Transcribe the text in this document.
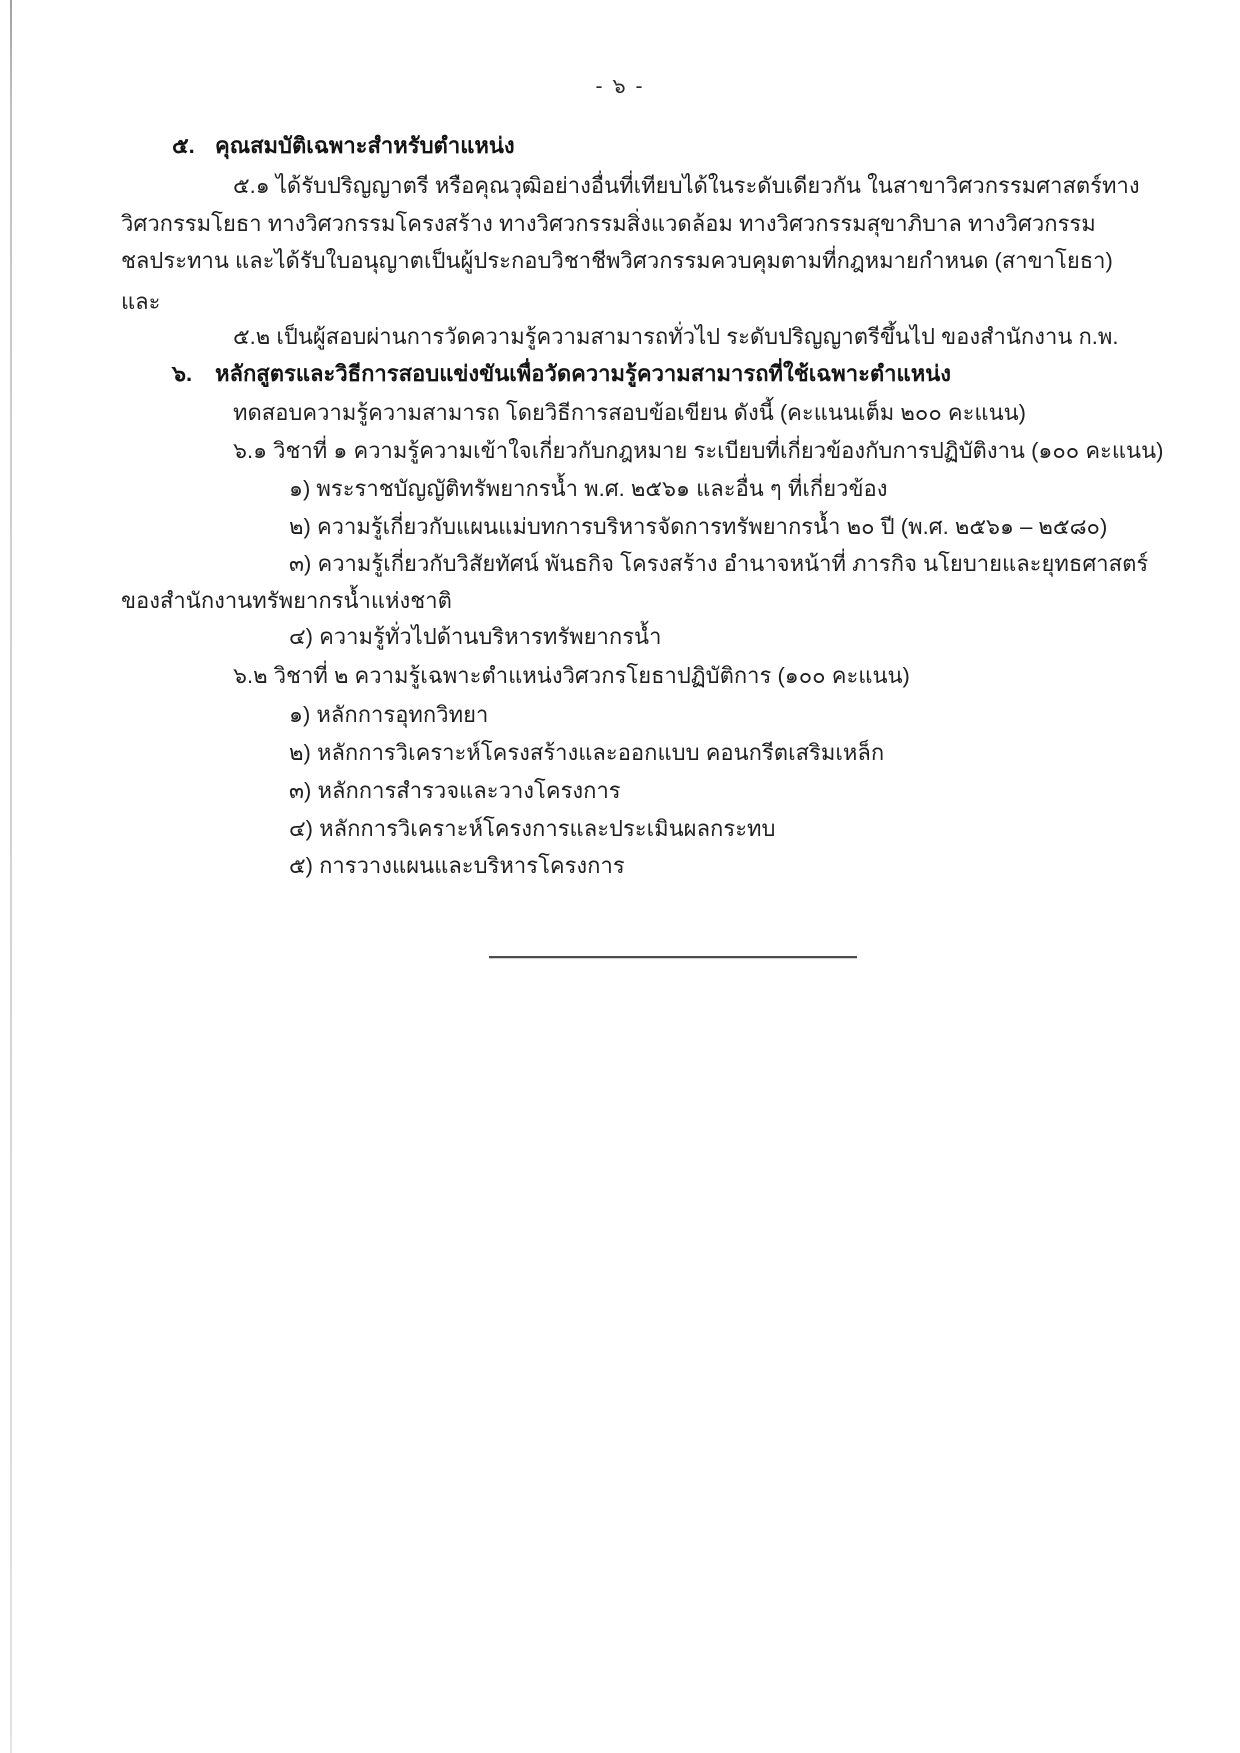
- ๖ -
๕. คุณสมบัติเฉพาะสำหรับตำแหน่ง
๕.๑ ได้รับปริญญาตรี หรือคุณวุฒิอย่างอื่นที่เทียบได้ในระดับเดียวกัน ในสาขาวิศวกรรมศาสตร์ทาง
วิศวกรรมโยธา ทางวิศวกรรมโครงสร้าง ทางวิศวกรรมสิ่งแวดล้อม ทางวิศวกรรมสุขาภิบาล ทางวิศวกรรม
ชลประทาน และได้รับใบอนุญาตเป็นผู้ประกอบวิชาชีพวิศวกรรมควบคุมตามที่กฎหมายกำหนด (สาขาโยธา)
และ
๕.๒ เป็นผู้สอบผ่านการวัดความรู้ความสามารถทั่วไป ระดับปริญญาตรีขึ้นไป ของสำนักงาน ก.พ.
๖. หลักสูตรและวิธีการสอบแข่งขันเพื่อวัดความรู้ความสามารถที่ใช้เฉพาะตำแหน่ง
ทดสอบความรู้ความสามารถ โดยวิธีการสอบข้อเขียน ดังนี้ (คะแนนเต็ม ๒๐๐ คะแนน)
๖.๑ วิชาที่ ๑ ความรู้ความเข้าใจเกี่ยวกับกฎหมาย ระเบียบที่เกี่ยวข้องกับการปฏิบัติงาน (๑๐๐ คะแนน)
๑) พระราชบัญญัติทรัพยากรน้ำ พ.ศ. ๒๕๖๑ และอื่น ๆ ที่เกี่ยวข้อง
๒) ความรู้เกี่ยวกับแผนแม่บทการบริหารจัดการทรัพยากรน้ำ ๒๐ ปี (พ.ศ. ๒๕๖๑ – ๒๕๘๐)
๓) ความรู้เกี่ยวกับวิสัยทัศน์ พันธกิจ โครงสร้าง อำนาจหน้าที่ ภารกิจ นโยบายและยุทธศาสตร์
ของสำนักงานทรัพยากรน้ำแห่งชาติ
๔) ความรู้ทั่วไปด้านบริหารทรัพยากรน้ำ
๖.๒ วิชาที่ ๒ ความรู้เฉพาะตำแหน่งวิศวกรโยธาปฏิบัติการ (๑๐๐ คะแนน)
๑) หลักการอุทกวิทยา
๒) หลักการวิเคราะห์โครงสร้างและออกแบบ คอนกรีตเสริมเหล็ก
๓) หลักการสำรวจและวางโครงการ
๔) หลักการวิเคราะห์โครงการและประเมินผลกระทบ
๕) การวางแผนและบริหารโครงการ
